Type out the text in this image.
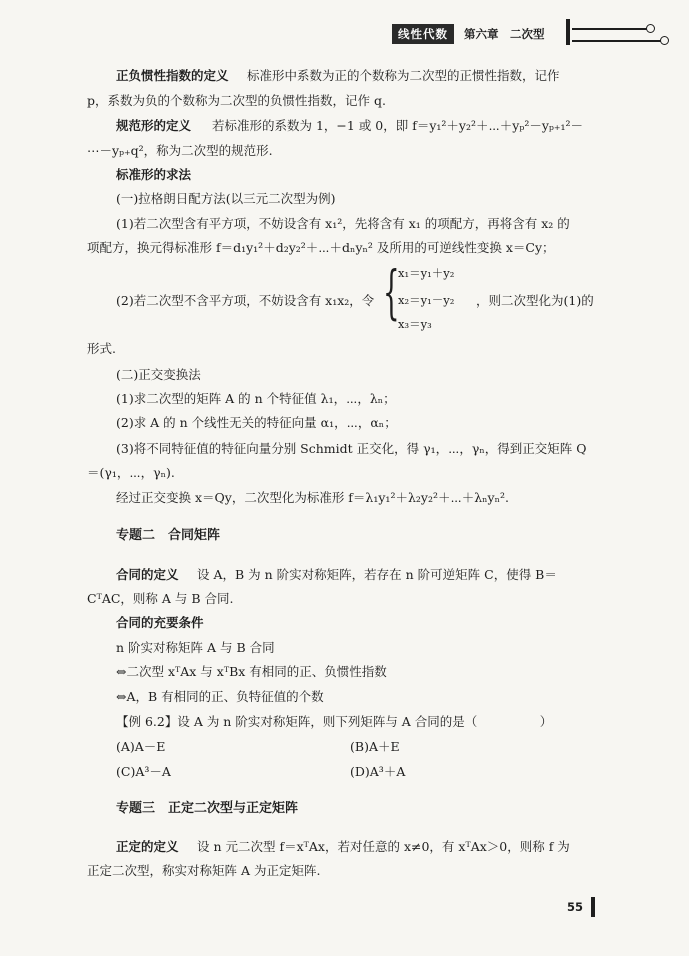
线性代数	第六章　二次型
正负惯性指数的定义 标准形中系数为正的个数称为二次型的正惯性指数，记作
p，系数为负的个数称为二次型的负惯性指数，记作 q.
规范形的定义 若标准形的系数为 1，−1 或 0，即 f＝y₁²＋y₂²＋⋯＋yₚ²－yₚ₊₁²－
⋯－yₚ₊q²，称为二次型的规范形.
标准形的求法
(一)拉格朗日配方法(以三元二次型为例)
(1)若二次型含有平方项，不妨设含有 x₁²，先将含有 x₁ 的项配方，再将含有 x₂ 的
项配方，换元得标准形 f＝d₁y₁²＋d₂y₂²＋⋯＋dₙyₙ² 及所用的可逆线性变换 x＝Cy；
(2)若二次型不含平方项，不妨设含有 x₁x₂，令 {
x₁＝y₁＋y₂
x₂＝y₁－y₂
x₃＝y₃
，则二次型化为(1)的
形式.
(二)正交变换法
(1)求二次型的矩阵 A 的 n 个特征值 λ₁，⋯，λₙ；
(2)求 A 的 n 个线性无关的特征向量 α₁，⋯，αₙ；
(3)将不同特征值的特征向量分别 Schmidt 正交化，得 γ₁，⋯，γₙ，得到正交矩阵 Q
＝(γ₁，⋯，γₙ).
经过正交变换 x＝Qy，二次型化为标准形 f＝λ₁y₁²＋λ₂y₂²＋⋯＋λₙyₙ².
专题二　合同矩阵
合同的定义 设 A，B 为 n 阶实对称矩阵，若存在 n 阶可逆矩阵 C，使得 B＝
CᵀAC，则称 A 与 B 合同.
合同的充要条件
n 阶实对称矩阵 A 与 B 合同
⇔二次型 xᵀAx 与 xᵀBx 有相同的正、负惯性指数
⇔A，B 有相同的正、负特征值的个数
【例 6.2】设 A 为 n 阶实对称矩阵，则下列矩阵与 A 合同的是（　　　　　）
(A)A－E	(B)A＋E
(C)A³－A	(D)A³＋A
专题三　正定二次型与正定矩阵
正定的定义 设 n 元二次型 f＝xᵀAx，若对任意的 x≠0，有 xᵀAx＞0，则称 f 为
正定二次型，称实对称矩阵 A 为正定矩阵.
55
